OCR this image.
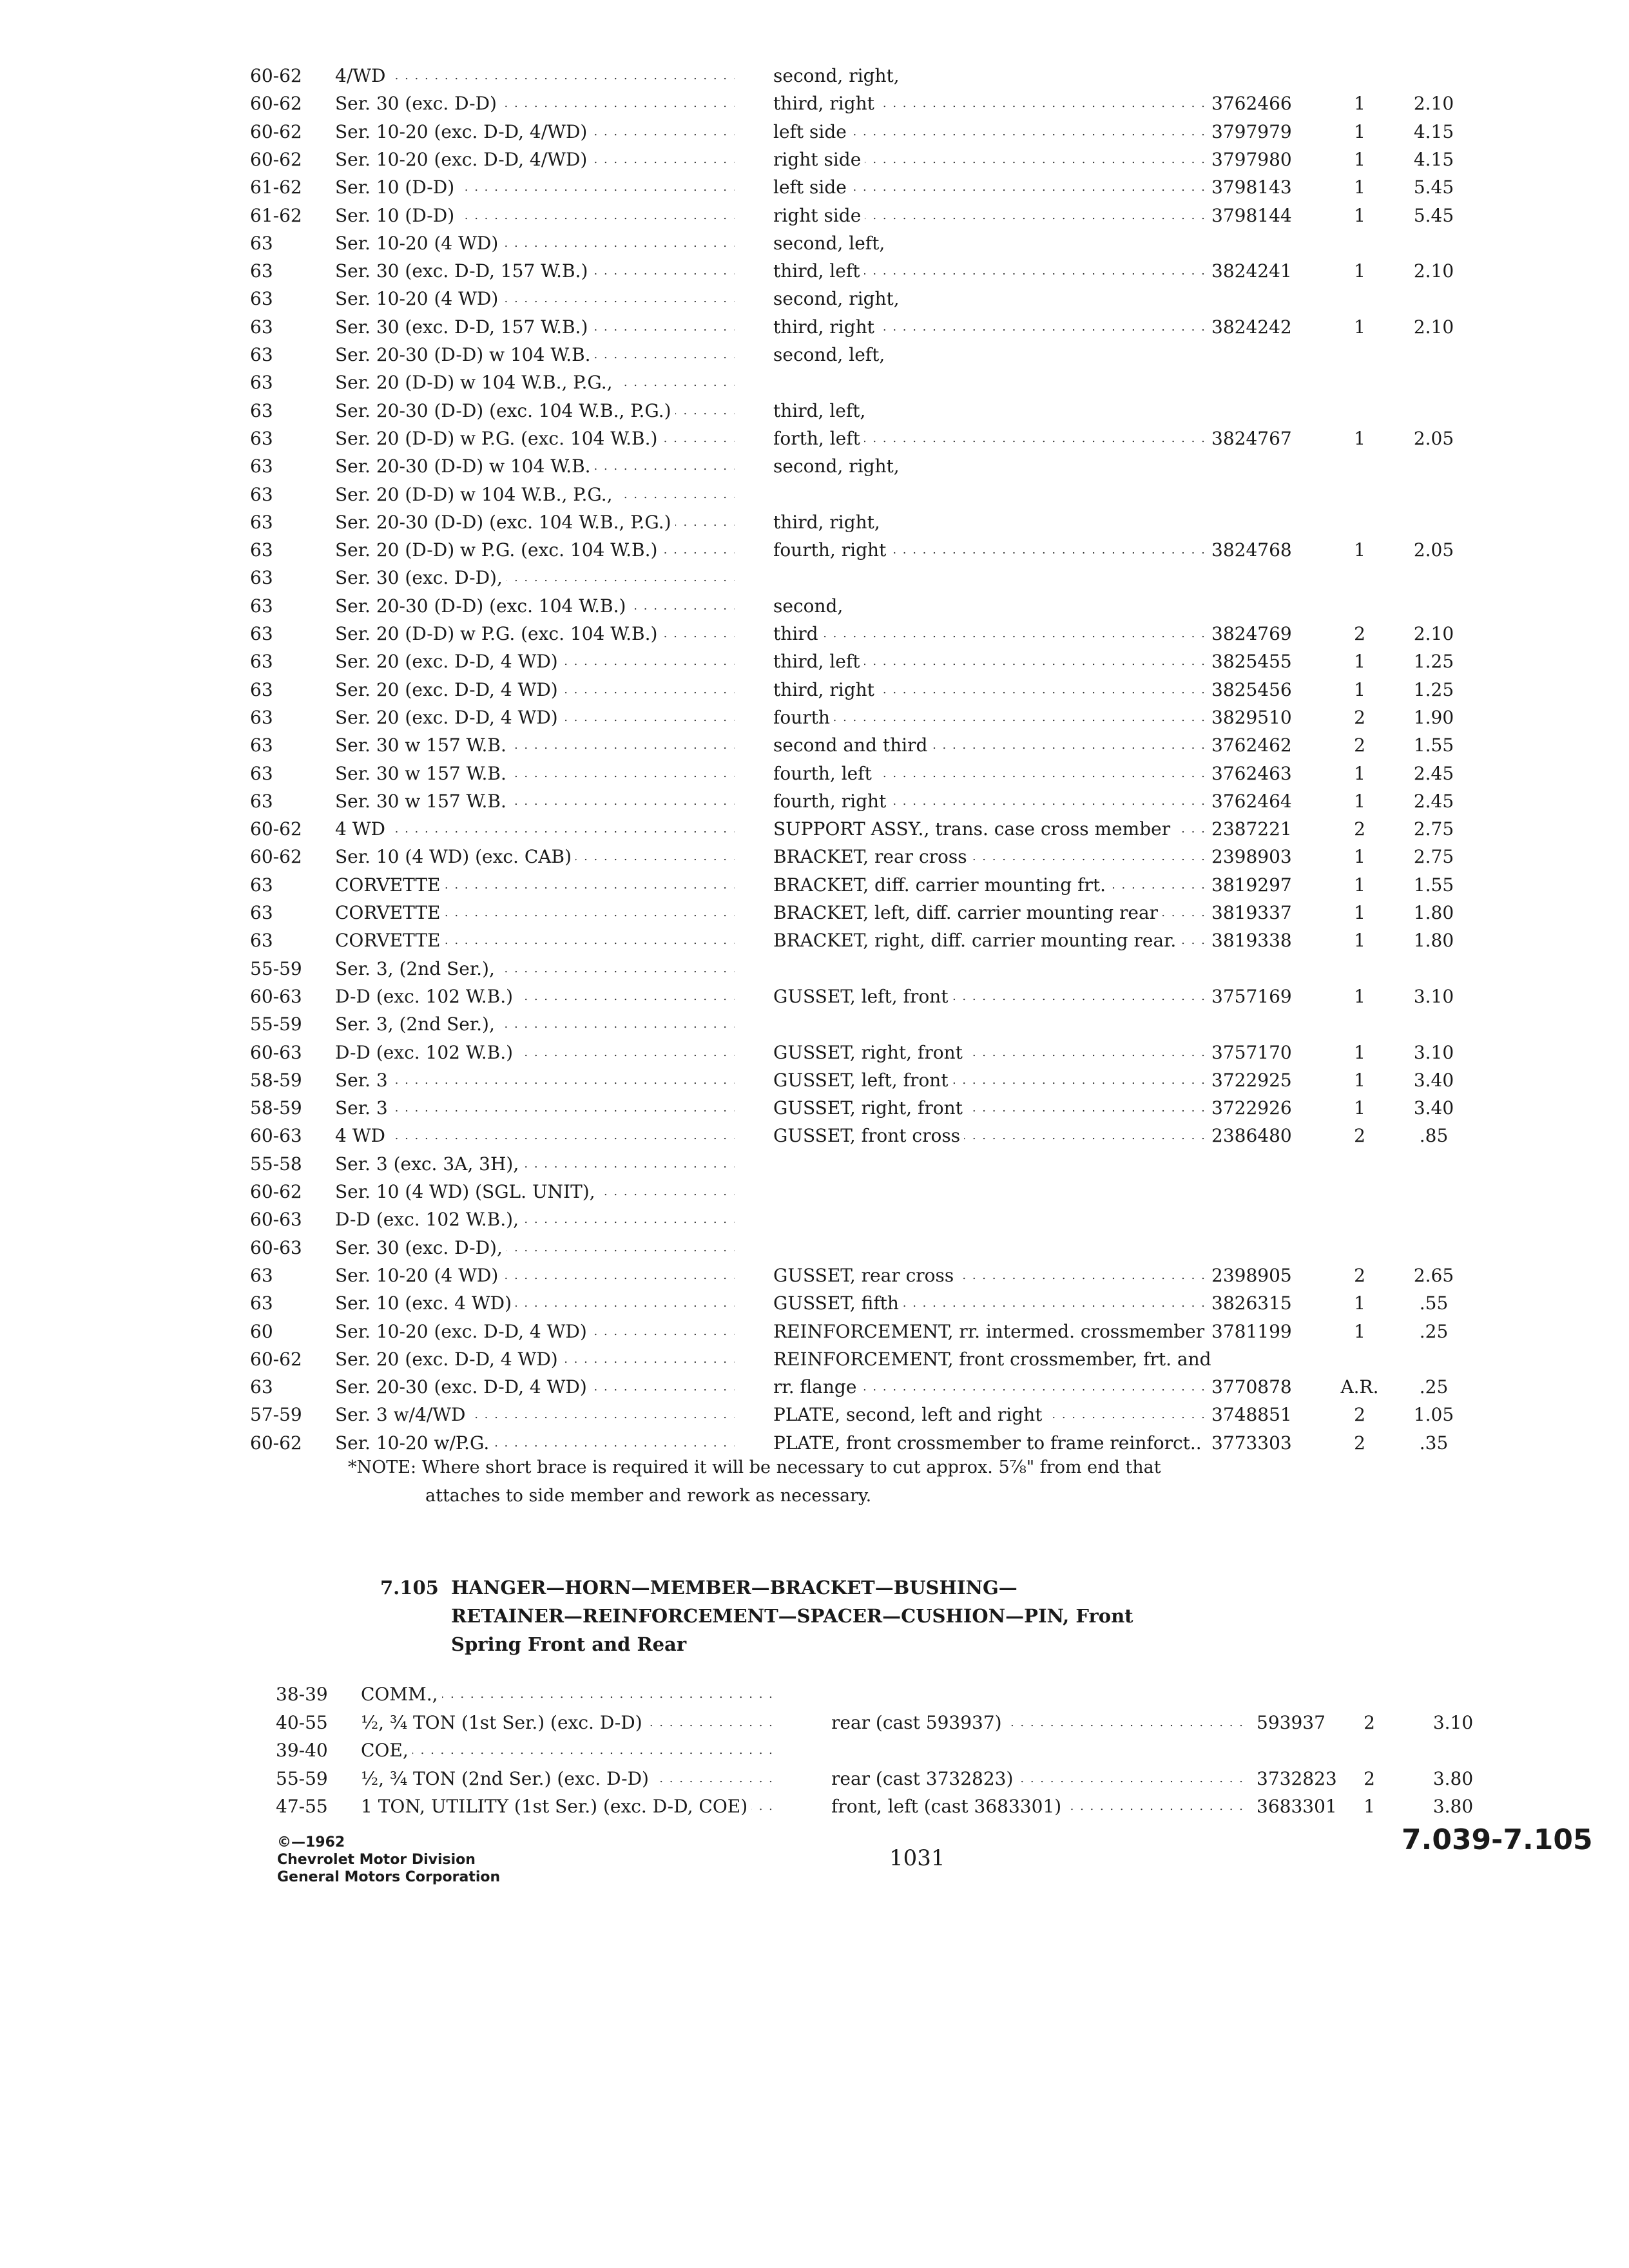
60-62	4/WD . . .	second, right,
60-62	Ser. 30 (exc. D-D) . . .	third, right . . .	3762466	1	2.10
60-62	Ser. 10-20 (exc. D-D, 4/WD) . . .	left side . . .	3797979	1	4.15
60-62	Ser. 10-20 (exc. D-D, 4/WD) . . .	right side . . .	3797980	1	4.15
61-62	Ser. 10 (D-D) . . .	left side . . .	3798143	1	5.45
61-62	Ser. 10 (D-D) . . .	right side . . .	3798144	1	5.45
63	Ser. 10-20 (4 WD) . . .	second, left,
63	Ser. 30 (exc. D-D, 157 W.B.) . . .	third, left . . .	3824241	1	2.10
63	Ser. 10-20 (4 WD) . . .	second, right,
63	Ser. 30 (exc. D-D, 157 W.B.) . . .	third, right . . .	3824242	1	2.10
63	Ser. 20-30 (D-D) w 104 W.B. . . .	second, left,
63	Ser. 20 (D-D) w 104 W.B., P.G., . . .
63	Ser. 20-30 (D-D) (exc. 104 W.B., P.G.) . . .	third, left,
63	Ser. 20 (D-D) w P.G. (exc. 104 W.B.) . . .	forth, left . . .	3824767	1	2.05
63	Ser. 20-30 (D-D) w 104 W.B. . . .	second, right,
63	Ser. 20 (D-D) w 104 W.B., P.G., . . .
63	Ser. 20-30 (D-D) (exc. 104 W.B., P.G.) . . .	third, right,
63	Ser. 20 (D-D) w P.G. (exc. 104 W.B.) . . .	fourth, right . . .	3824768	1	2.05
63	Ser. 30 (exc. D-D), . . .
63	Ser. 20-30 (D-D) (exc. 104 W.B.) . . .	second,
63	Ser. 20 (D-D) w P.G. (exc. 104 W.B.) . . .	third . . .	3824769	2	2.10
63	Ser. 20 (exc. D-D, 4 WD) . . .	third, left . . .	3825455	1	1.25
63	Ser. 20 (exc. D-D, 4 WD) . . .	third, right . . .	3825456	1	1.25
63	Ser. 20 (exc. D-D, 4 WD) . . .	fourth . . .	3829510	2	1.90
63	Ser. 30 w 157 W.B. . . .	second and third . . .	3762462	2	1.55
63	Ser. 30 w 157 W.B. . . .	fourth, left . . .	3762463	1	2.45
63	Ser. 30 w 157 W.B. . . .	fourth, right . . .	3762464	1	2.45
60-62	4 WD . . .	SUPPORT ASSY., trans. case cross member . . .	2387221	2	2.75
60-62	Ser. 10 (4 WD) (exc. CAB) . . .	BRACKET, rear cross . . .	2398903	1	2.75
63	CORVETTE . . .	BRACKET, diff. carrier mounting frt. . . .	3819297	1	1.55
63	CORVETTE . . .	BRACKET, left, diff. carrier mounting rear . . .	3819337	1	1.80
63	CORVETTE . . .	BRACKET, right, diff. carrier mounting rear. . . .	3819338	1	1.80
55-59	Ser. 3, (2nd Ser.), . . .
60-63	D-D (exc. 102 W.B.) . . .	GUSSET, left, front . . .	3757169	1	3.10
55-59	Ser. 3, (2nd Ser.), . . .
60-63	D-D (exc. 102 W.B.) . . .	GUSSET, right, front . . .	3757170	1	3.10
58-59	Ser. 3 . . .	GUSSET, left, front . . .	3722925	1	3.40
58-59	Ser. 3 . . .	GUSSET, right, front . . .	3722926	1	3.40
60-63	4 WD . . .	GUSSET, front cross . . .	2386480	2	.85
55-58	Ser. 3 (exc. 3A, 3H), . . .
60-62	Ser. 10 (4 WD) (SGL. UNIT), . . .
60-63	D-D (exc. 102 W.B.), . . .
60-63	Ser. 30 (exc. D-D), . . .
63	Ser. 10-20 (4 WD) . . .	GUSSET, rear cross . . .	2398905	2	2.65
63	Ser. 10 (exc. 4 WD) . . .	GUSSET, fifth . . .	3826315	1	.55
60	Ser. 10-20 (exc. D-D, 4 WD) . . .	REINFORCEMENT, rr. intermed. crossmember . . . 3781199	1	.25
60-62	Ser. 20 (exc. D-D, 4 WD) . . .	REINFORCEMENT, front crossmember, frt. and
63	Ser. 20-30 (exc. D-D, 4 WD) . . .	rr. flange . . .	3770878	A.R.	.25
57-59	Ser. 3 w/4/WD . . .	PLATE, second, left and right . . .	3748851	2	1.05
60-62	Ser. 10-20 w/P.G. . . .	PLATE, front crossmember to frame reinforct.. . . . 3773303	2	.35
*NOTE: Where short brace is required it will be necessary to cut approx. 5⅞" from end that
attaches to side member and rework as necessary.
7.105 HANGER—HORN—MEMBER—BRACKET—BUSHING—
RETAINER—REINFORCEMENT—SPACER—CUSHION—PIN, Front
Spring Front and Rear
38-39	COMM., . . .
40-55	½, ¾ TON (1st Ser.) (exc. D-D) . . .	rear (cast 593937) . . .	593937	2	3.10
39-40	COE, . . .
55-59	½, ¾ TON (2nd Ser.) (exc. D-D) . . .	rear (cast 3732823) . . .	3732823	2	3.80
47-55	1 TON, UTILITY (1st Ser.) (exc. D-D, COE) . . .	front, left (cast 3683301) . . .	3683301	1	3.80
©—1962
Chevrolet Motor Division
General Motors Corporation
1031
7.039-7.105
